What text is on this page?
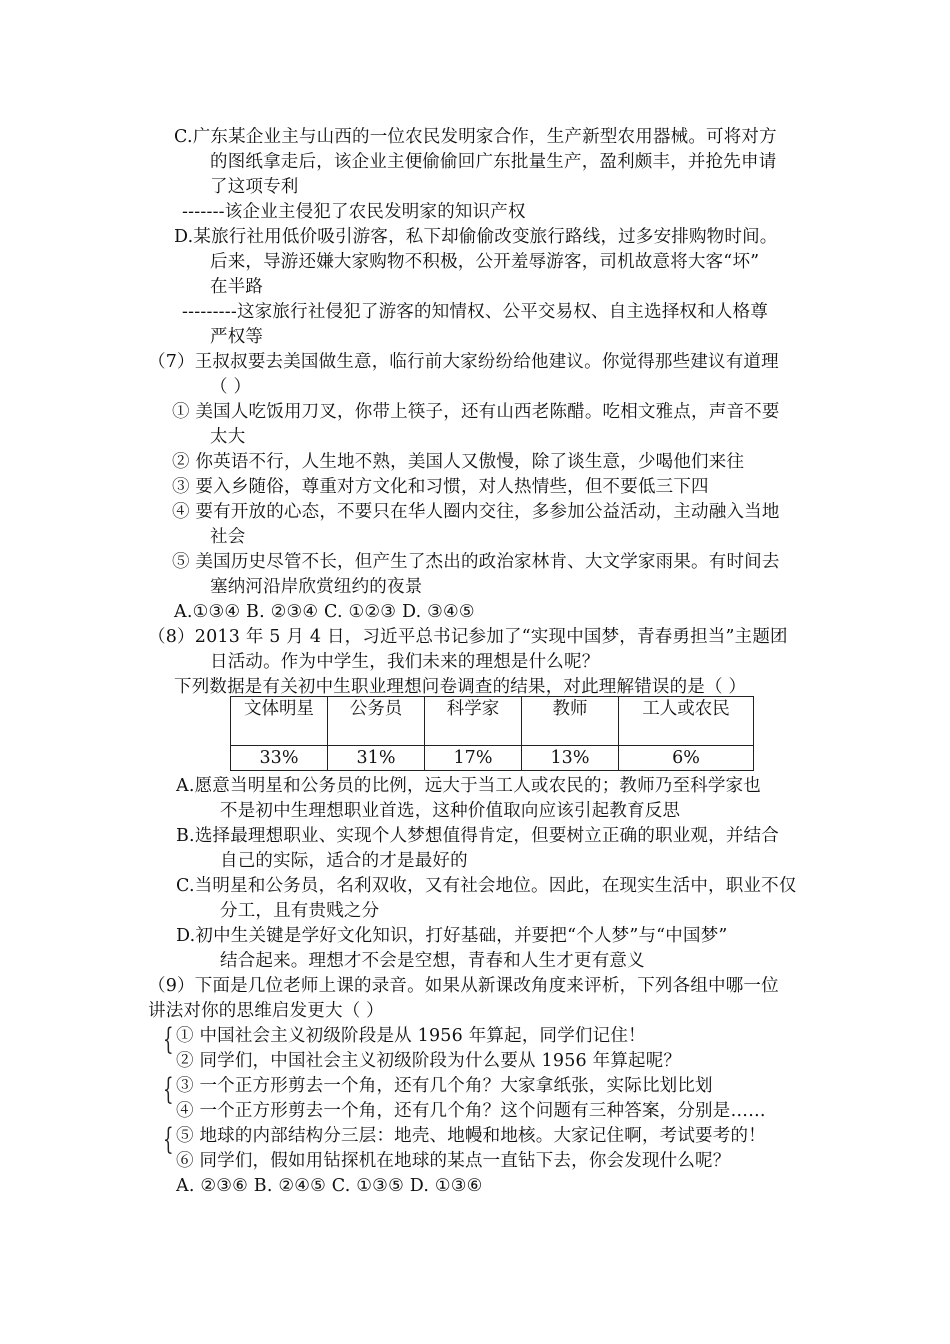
C.广东某企业主与山西的一位农民发明家合作，生产新型农用器械。可将对方
的图纸拿走后，该企业主便偷偷回广东批量生产，盈利颇丰，并抢先申请
了这项专利
-------该企业主侵犯了农民发明家的知识产权
D.某旅行社用低价吸引游客，私下却偷偷改变旅行路线，过多安排购物时间。
后来，导游还嫌大家购物不积极，公开羞辱游客，司机故意将大客“坏”
在半路
---------这家旅行社侵犯了游客的知情权、公平交易权、自主选择权和人格尊
严权等
（7）王叔叔要去美国做生意，临行前大家纷纷给他建议。你觉得那些建议有道理
（ ）
① 美国人吃饭用刀叉，你带上筷子，还有山西老陈醋。吃相文雅点，声音不要
太大
② 你英语不行，人生地不熟，美国人又傲慢，除了谈生意，少喝他们来往
③ 要入乡随俗，尊重对方文化和习惯，对人热情些，但不要低三下四
④ 要有开放的心态，不要只在华人圈内交往，多参加公益活动，主动融入当地
社会
⑤ 美国历史尽管不长，但产生了杰出的政治家林肯、大文学家雨果。有时间去
塞纳河沿岸欣赏纽约的夜景
A.①③④ B. ②③④ C. ①②③ D. ③④⑤
（8）2013 年 5 月 4 日，习近平总书记参加了“实现中国梦，青春勇担当”主题团
日活动。作为中学生，我们未来的理想是什么呢？
下列数据是有关初中生职业理想问卷调查的结果，对此理解错误的是（ ）
文体明星	公务员	科学家	教师	工人或农民
33%	31%	17%	13%	6%
A.愿意当明星和公务员的比例，远大于当工人或农民的；教师乃至科学家也
不是初中生理想职业首选，这种价值取向应该引起教育反思
B.选择最理想职业、实现个人梦想值得肯定，但要树立正确的职业观，并结合
自己的实际，适合的才是最好的
C.当明星和公务员，名利双收，又有社会地位。因此，在现实生活中，职业不仅
分工，且有贵贱之分
D.初中生关键是学好文化知识，打好基础，并要把“个人梦”与“中国梦”
结合起来。理想才不会是空想，青春和人生才更有意义
（9）下面是几位老师上课的录音。如果从新课改角度来评析，下列各组中哪一位
讲法对你的思维启发更大（ ）
{
{
{
① 中国社会主义初级阶段是从 1956 年算起，同学们记住！
② 同学们，中国社会主义初级阶段为什么要从 1956 年算起呢？
③ 一个正方形剪去一个角，还有几个角？大家拿纸张，实际比划比划
④ 一个正方形剪去一个角，还有几个角？这个问题有三种答案，分别是……
⑤ 地球的内部结构分三层：地壳、地幔和地核。大家记住啊，考试要考的！
⑥ 同学们，假如用钻探机在地球的某点一直钻下去，你会发现什么呢？
A. ②③⑥ B. ②④⑤ C. ①③⑤ D. ①③⑥
